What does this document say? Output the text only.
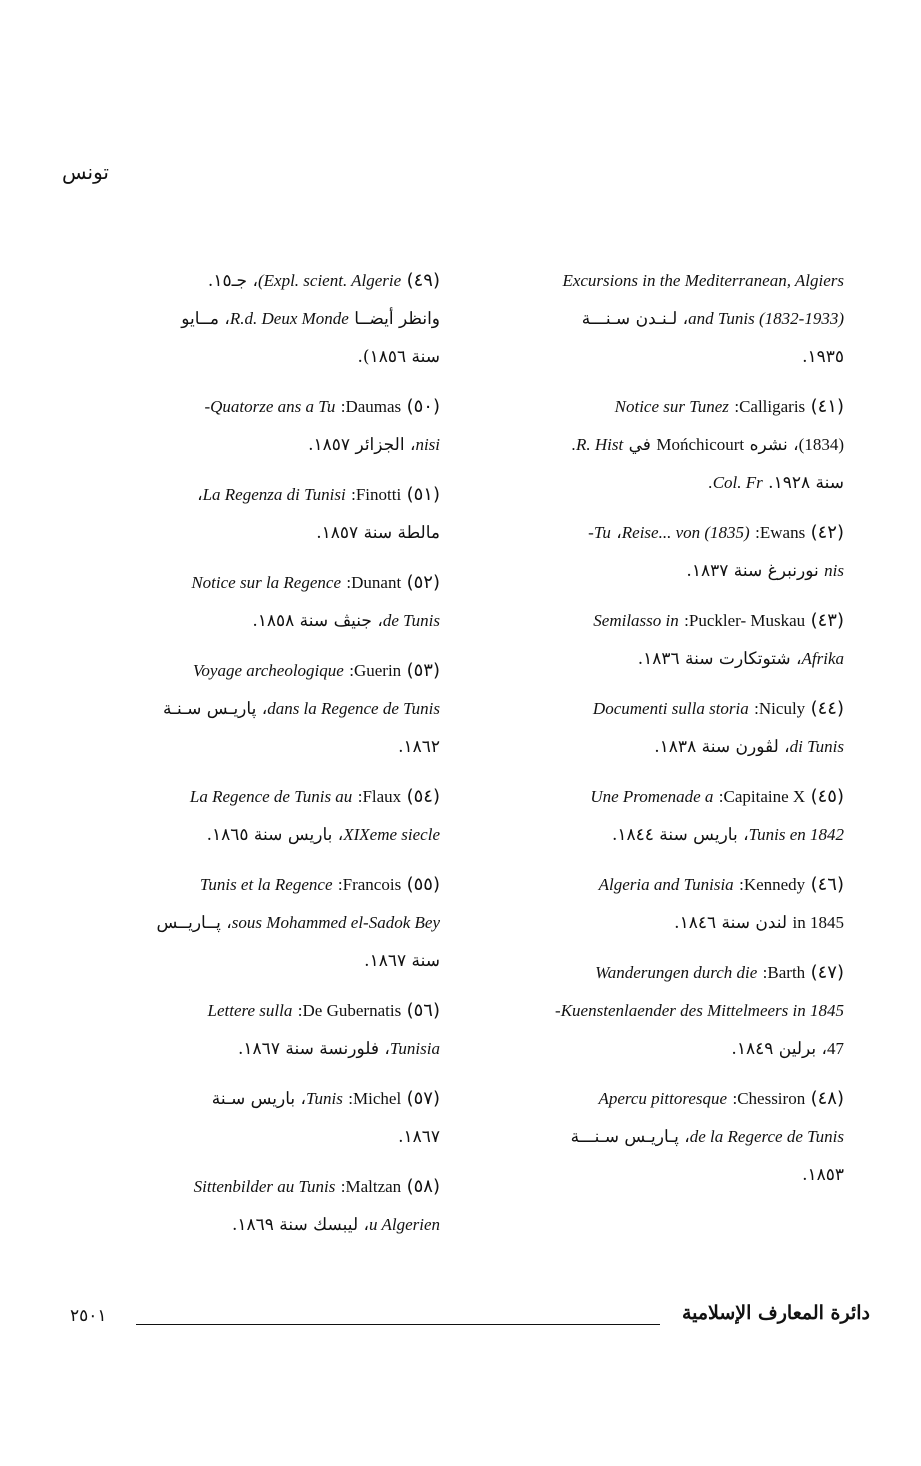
تونس

Excursions in the Mediterranean, Algiers

and Tunis (1832-1933)، لـنـدن سـنـــة

١٩٣٥.

(٤١) Calligaris: Notice sur Tunez

(1834)، نشره Mońchicourt في R. Hist.

سنة ١٩٢٨. Col. Fr.

(٤٢) Ewans: (1835) Reise... von، Tu-

nis نورنبرغ سنة ١٨٣٧.

(٤٣) Puckler- Muskau: Semilasso in

Afrika، شتوتكارت سنة ١٨٣٦.

(٤٤) Niculy: Documenti sulla storia

di Tunis، لڤورن سنة ١٨٣٨.

(٤٥) Capitaine X: Une Promenade a

Tunis en 1842، باريس سنة ١٨٤٤.

(٤٦) Kennedy: Algeria and Tunisia

in 1845 لندن سنة ١٨٤٦.

(٤٧) Barth: Wanderungen durch die

Kuenstenlaender des Mittelmeers in 1845-

47، برلين ١٨٤٩.

(٤٨) Chessiron: Apercu pittoresque

de la Regerce de Tunis، پـاريـس سـنـــة

١٨٥٣.

(٤٩) Expl. scient. Algerie)، جـ١٥.

وانظر أيضــا R.d. Deux Monde، مــايو

سنة ١٨٥٦).

(٥٠) Daumas: Quatorze ans a Tu-

nisi، الجزائر ١٨٥٧.

(٥١) Finotti: La Regenza di Tunisi،

مالطة سنة ١٨٥٧.

(٥٢) Dunant: Notice sur la Regence

de Tunis، جنيڤ سنة ١٨٥٨.

(٥٣) Guerin: Voyage archeologique

dans la Regence de Tunis، پاريـس سـنـة

١٨٦٢.

(٥٤) Flaux: La Regence de Tunis au

XIXeme siecle، باريس سنة ١٨٦٥.

(٥٥) Francois: Tunis et la Regence

sous Mohammed el-Sadok Bey، پــاريــس

سنة ١٨٦٧.

(٥٦) De Gubernatis: Lettere sulla

Tunisia، فلورنسة سنة ١٨٦٧.

(٥٧) Michel: Tunis، باريس سـنة

١٨٦٧.

(٥٨) Maltzan: Sittenbilder au Tunis

u Algerien، ليبسك سنة ١٨٦٩.

دائرة المعارف الإسلامية
٢٥٠١
